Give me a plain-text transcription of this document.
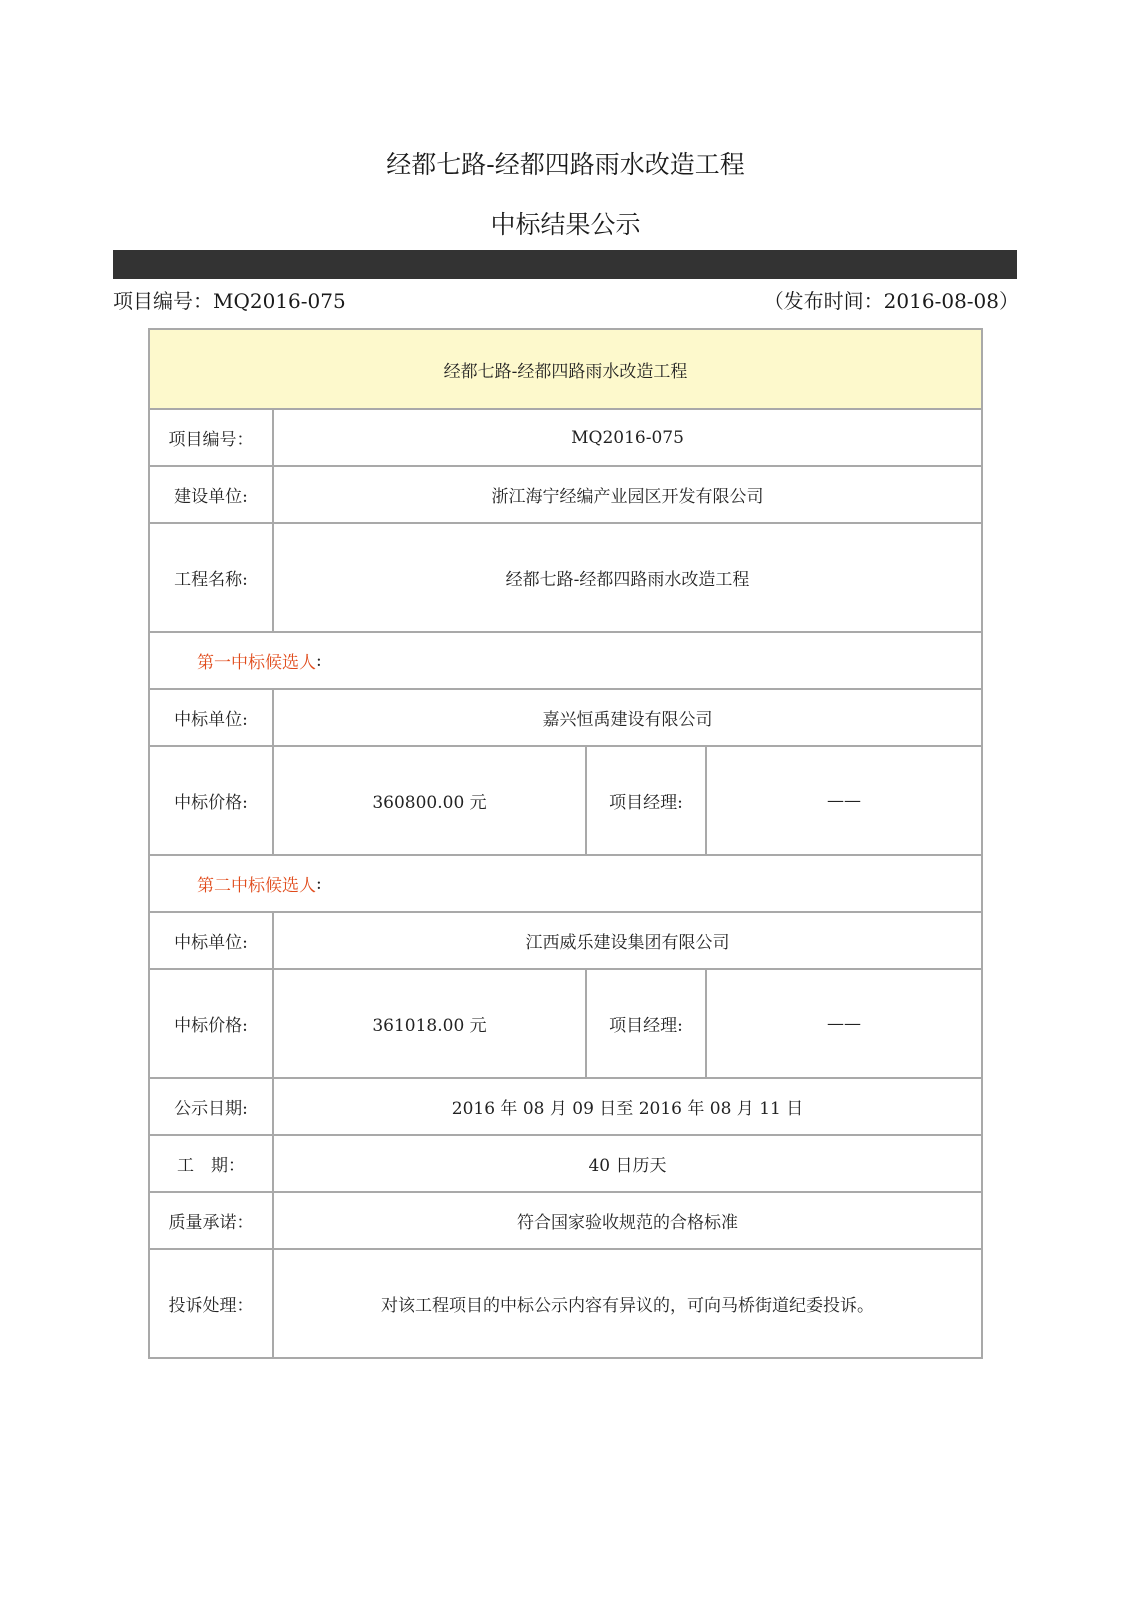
经都七路-经都四路雨水改造工程
中标结果公示
项目编号：MQ2016-075	（发布时间：2016-08-08）
经都七路-经都四路雨水改造工程
项目编号：	MQ2016-075
建设单位:	浙江海宁经编产业园区开发有限公司
工程名称:	经都七路-经都四路雨水改造工程
第一中标候选人 :
中标单位:	嘉兴恒禹建设有限公司
中标价格:	360800.00 元	项目经理:	——
第二中标候选人 :
中标单位:	江西威乐建设集团有限公司
中标价格:	361018.00 元	项目经理:	——
公示日期:	2016 年 08 月 09 日至 2016 年 08 月 11 日
工　期：	40 日历天
质量承诺：	符合国家验收规范的合格标准
投诉处理：	对该工程项目的中标公示内容有异议的，可向马桥街道纪委投诉。
